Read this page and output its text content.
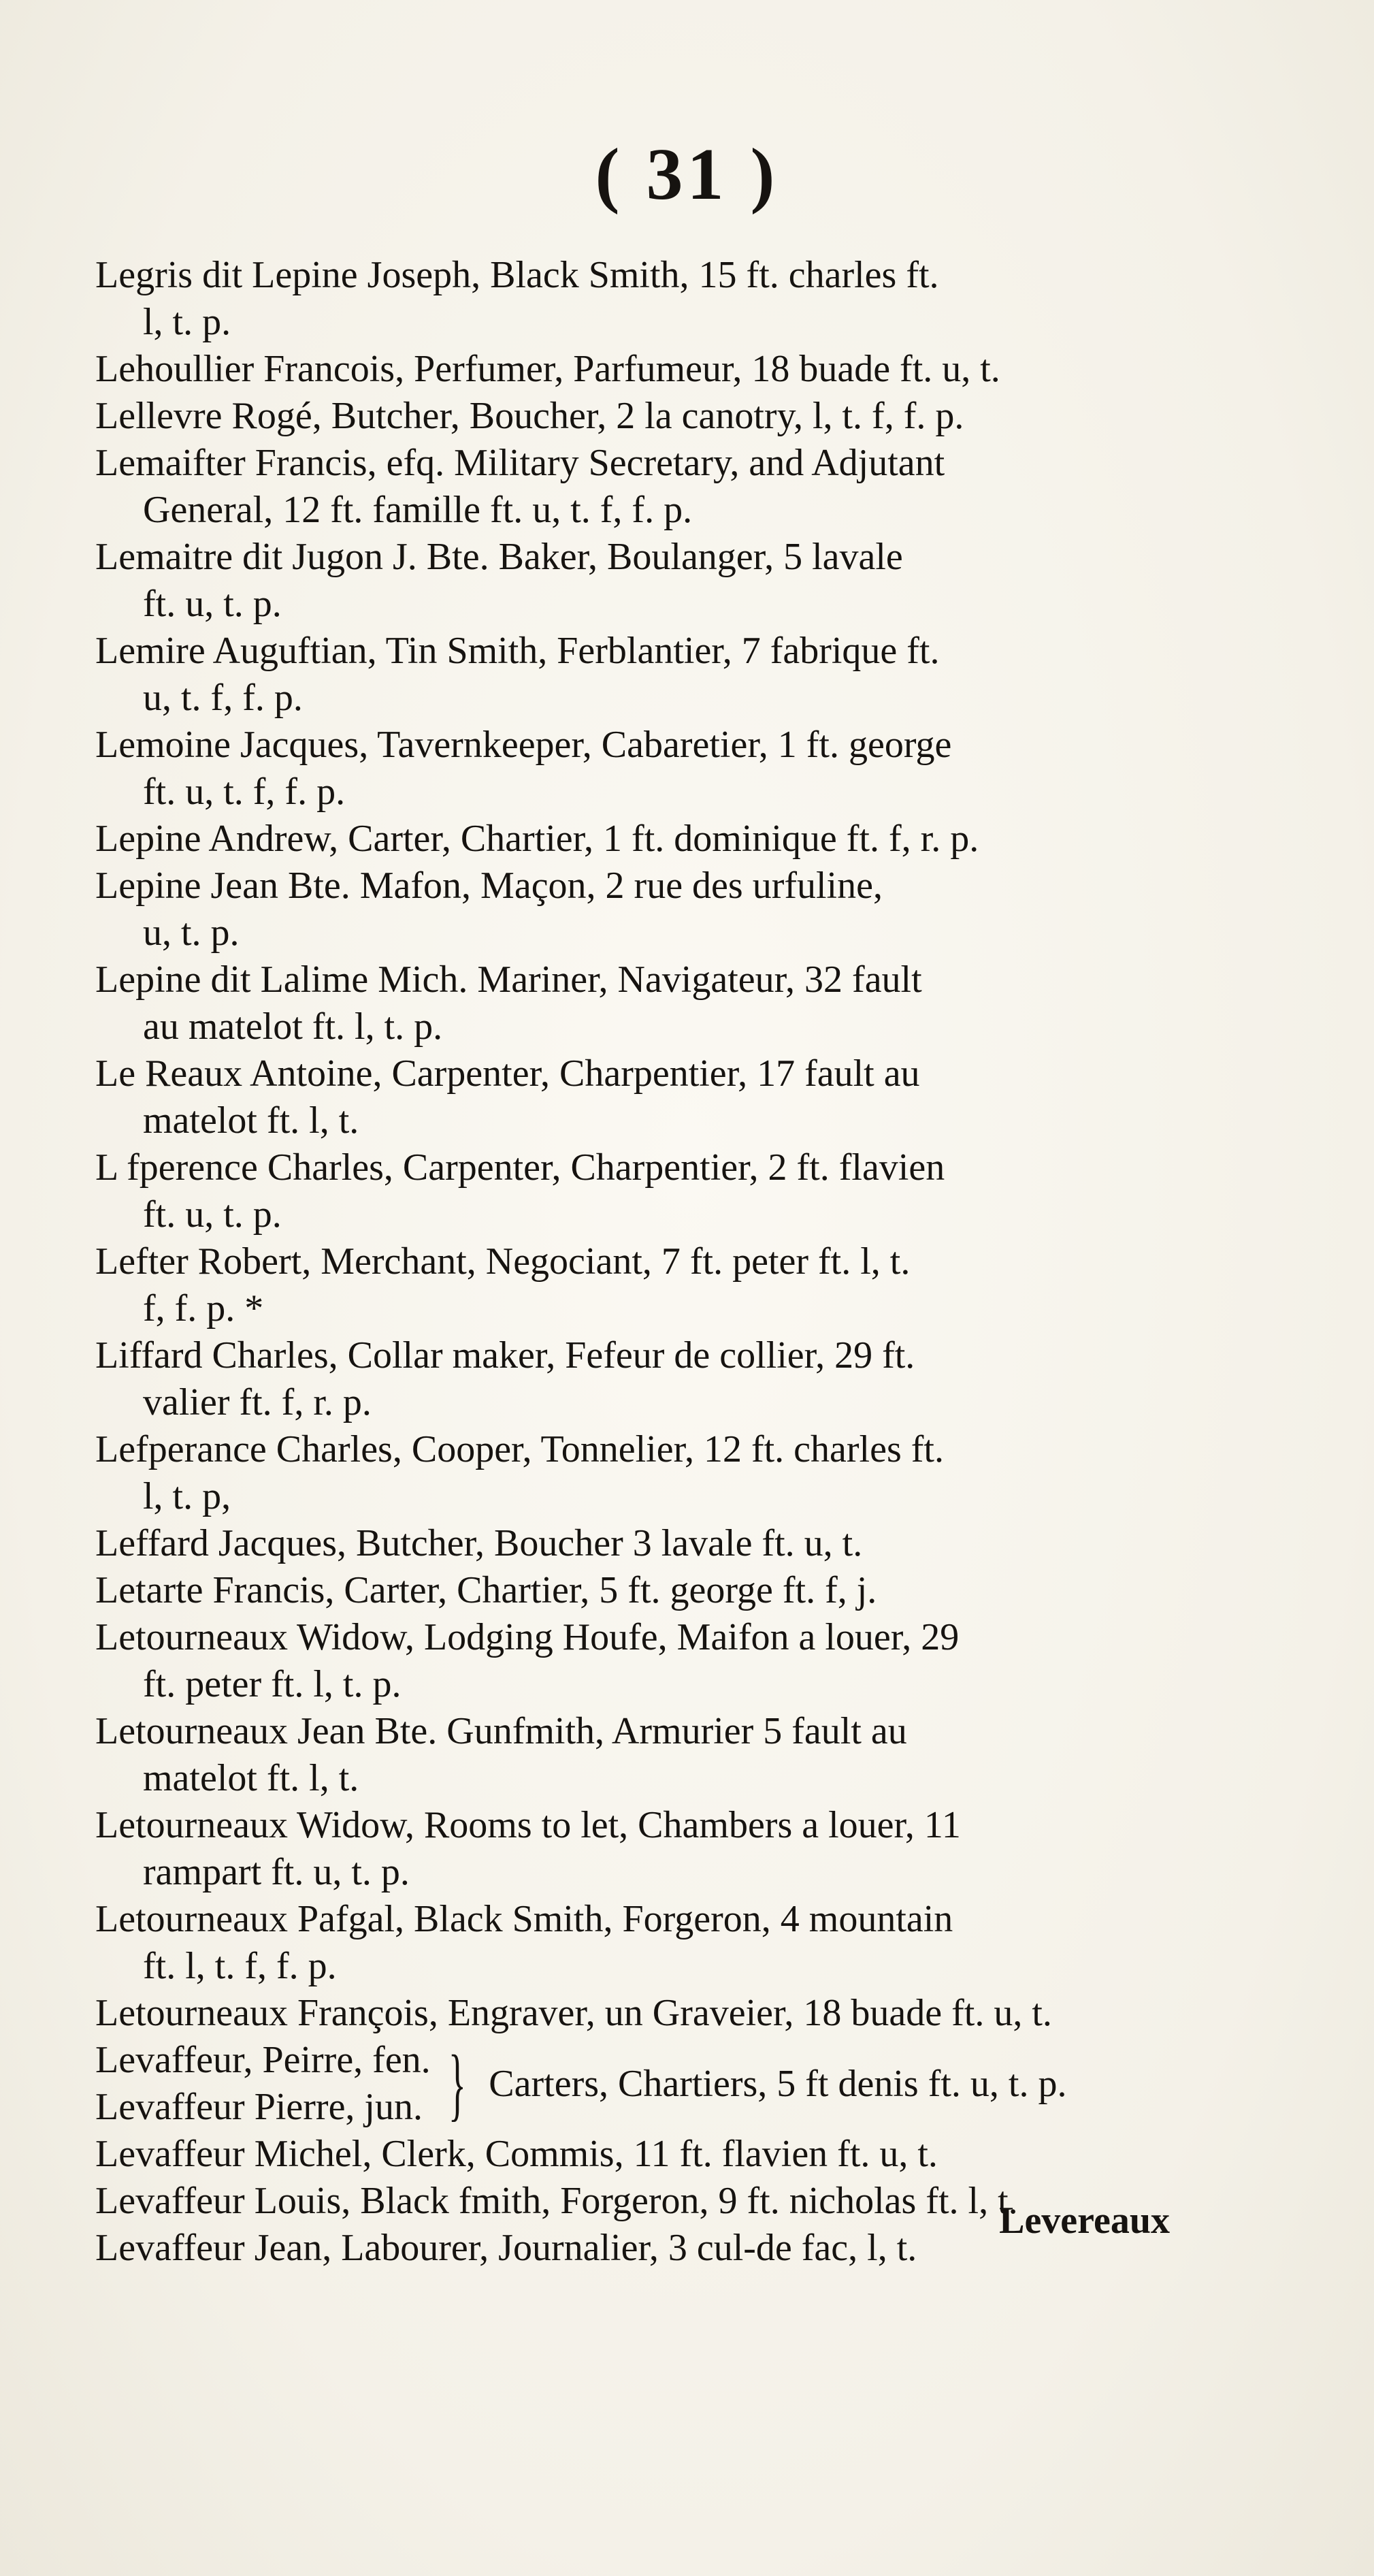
( 31 )
Legris dit Lepine Joseph, Black Smith, 15 ft. charles ft.
l, t. p.
Lehoullier Francois, Perfumer, Parfumeur, 18 buade ft. u, t.
Lellevre Rogé, Butcher, Boucher, 2 la canotry, l, t. f, f. p.
Lemaifter Francis, efq. Military Secretary, and Adjutant
General, 12 ft. famille ft. u, t. f, f. p.
Lemaitre dit Jugon J. Bte. Baker, Boulanger, 5 lavale
ft. u, t. p.
Lemire Auguftian, Tin Smith, Ferblantier, 7 fabrique ft.
u, t. f, f. p.
Lemoine Jacques, Tavernkeeper, Cabaretier, 1 ft. george
ft. u, t. f, f. p.
Lepine Andrew, Carter, Chartier, 1 ft. dominique ft. f, r. p.
Lepine Jean Bte. Mafon, Maçon, 2 rue des urfuline,
u, t. p.
Lepine dit Lalime Mich. Mariner, Navigateur, 32 fault
au matelot ft. l, t. p.
Le Reaux Antoine, Carpenter, Charpentier, 17 fault au
matelot ft. l, t.
L fperence Charles, Carpenter, Charpentier, 2 ft. flavien
ft. u, t. p.
Lefter Robert, Merchant, Negociant, 7 ft. peter ft. l, t.
f, f. p. *
Liffard Charles, Collar maker, Fefeur de collier, 29 ft.
valier ft. f, r. p.
Lefperance Charles, Cooper, Tonnelier, 12 ft. charles ft.
l, t. p,
Leffard Jacques, Butcher, Boucher 3 lavale ft. u, t.
Letarte Francis, Carter, Chartier, 5 ft. george ft. f, j.
Letourneaux Widow, Lodging Houfe, Maifon a louer, 29
ft. peter ft. l, t. p.
Letourneaux Jean Bte. Gunfmith, Armurier 5 fault au
matelot ft. l, t.
Letourneaux Widow, Rooms to let, Chambers a louer, 11
rampart ft. u, t. p.
Letourneaux Pafgal, Black Smith, Forgeron, 4 mountain
ft. l, t. f, f. p.
Letourneaux François, Engraver, un Graveier, 18 buade ft. u, t.
Levaffeur, Peirre, fen.
Levaffeur Pierre, jun. } Carters, Chartiers, 5 ft denis ft. u, t. p.
Levaffeur Michel, Clerk, Commis, 11 ft. flavien ft. u, t.
Levaffeur Louis, Black fmith, Forgeron, 9 ft. nicholas ft. l, t.
Levaffeur Jean, Labourer, Journalier, 3 cul-de fac, l, t.
Levereaux
